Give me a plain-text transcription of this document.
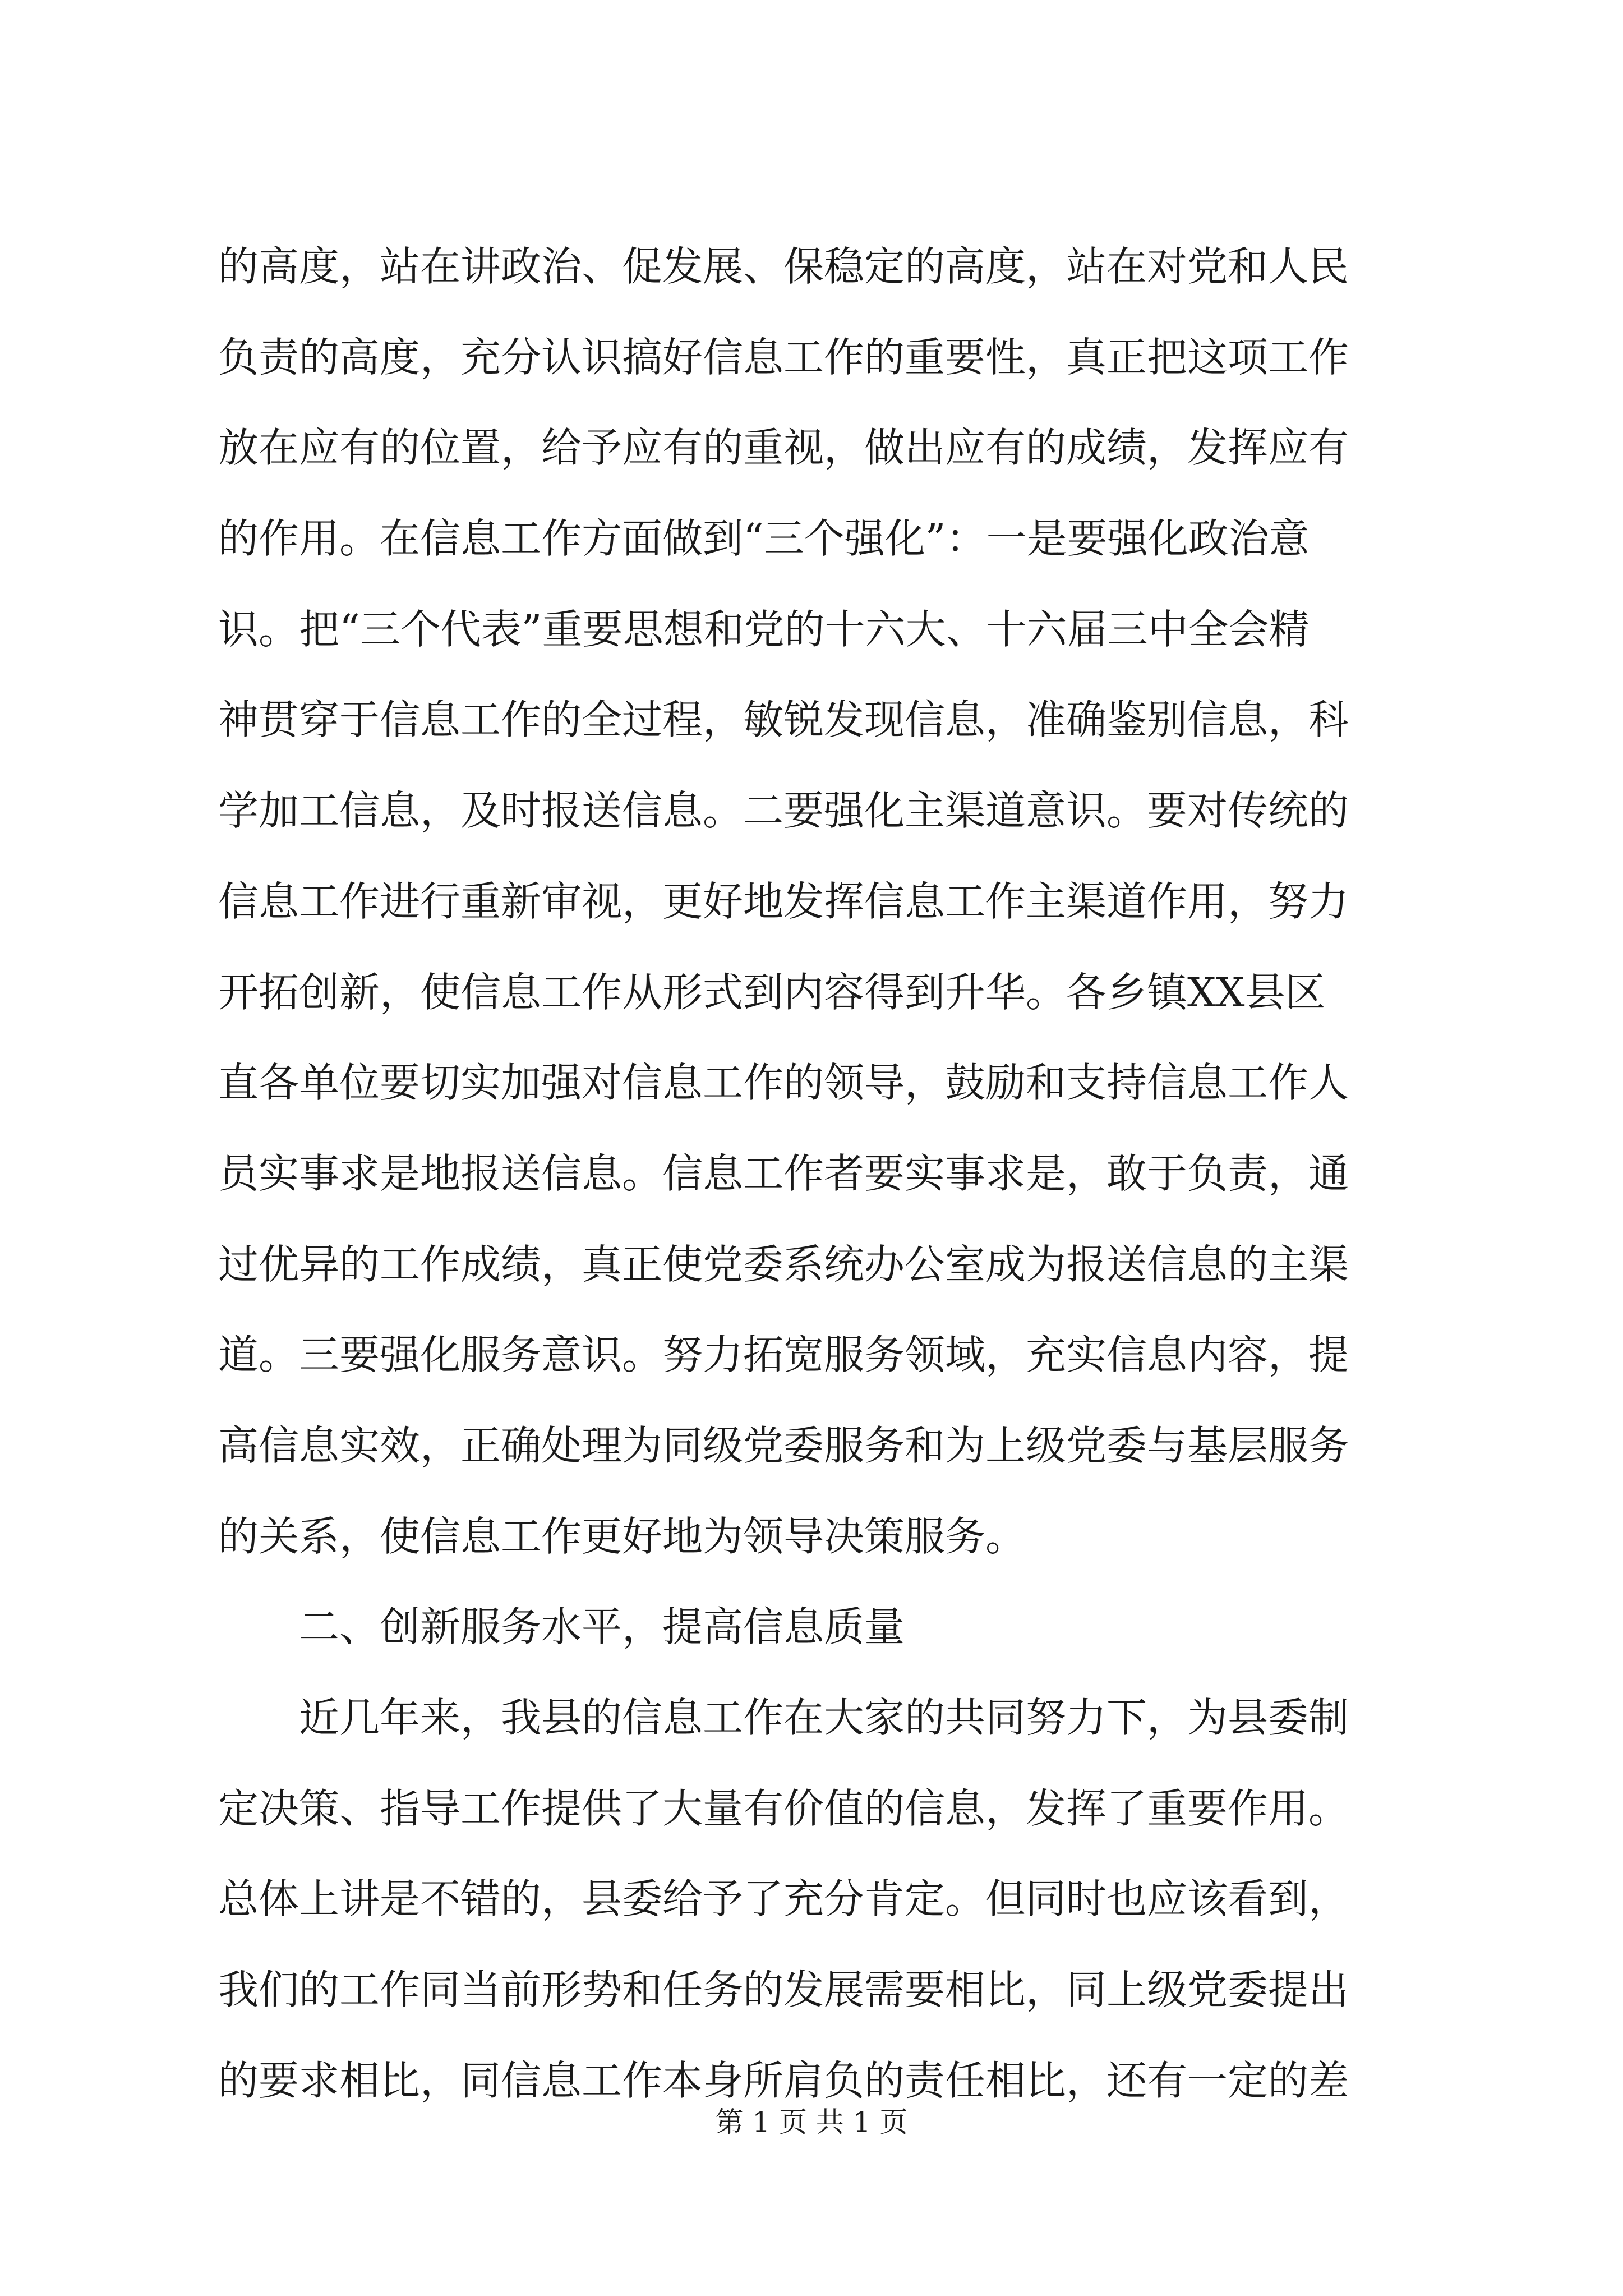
的高度，站在讲政治、促发展、保稳定的高度，站在对党和人民
负责的高度，充分认识搞好信息工作的重要性，真正把这项工作
放在应有的位置，给予应有的重视，做出应有的成绩，发挥应有
的作用。在信息工作方面做到“三个强化”：一是要强化政治意
识。把“三个代表”重要思想和党的十六大、十六届三中全会精
神贯穿于信息工作的全过程，敏锐发现信息，准确鉴别信息，科
学加工信息，及时报送信息。二要强化主渠道意识。要对传统的
信息工作进行重新审视，更好地发挥信息工作主渠道作用，努力
开拓创新，使信息工作从形式到内容得到升华。各乡镇XX县区
直各单位要切实加强对信息工作的领导，鼓励和支持信息工作人
员实事求是地报送信息。信息工作者要实事求是，敢于负责，通
过优异的工作成绩，真正使党委系统办公室成为报送信息的主渠
道。三要强化服务意识。努力拓宽服务领域，充实信息内容，提
高信息实效，正确处理为同级党委服务和为上级党委与基层服务
的关系，使信息工作更好地为领导决策服务。
二、创新服务水平，提高信息质量
近几年来，我县的信息工作在大家的共同努力下，为县委制
定决策、指导工作提供了大量有价值的信息，发挥了重要作用。
总体上讲是不错的，县委给予了充分肯定。但同时也应该看到，
我们的工作同当前形势和任务的发展需要相比，同上级党委提出
的要求相比，同信息工作本身所肩负的责任相比，还有一定的差
第 1 页 共 1 页
